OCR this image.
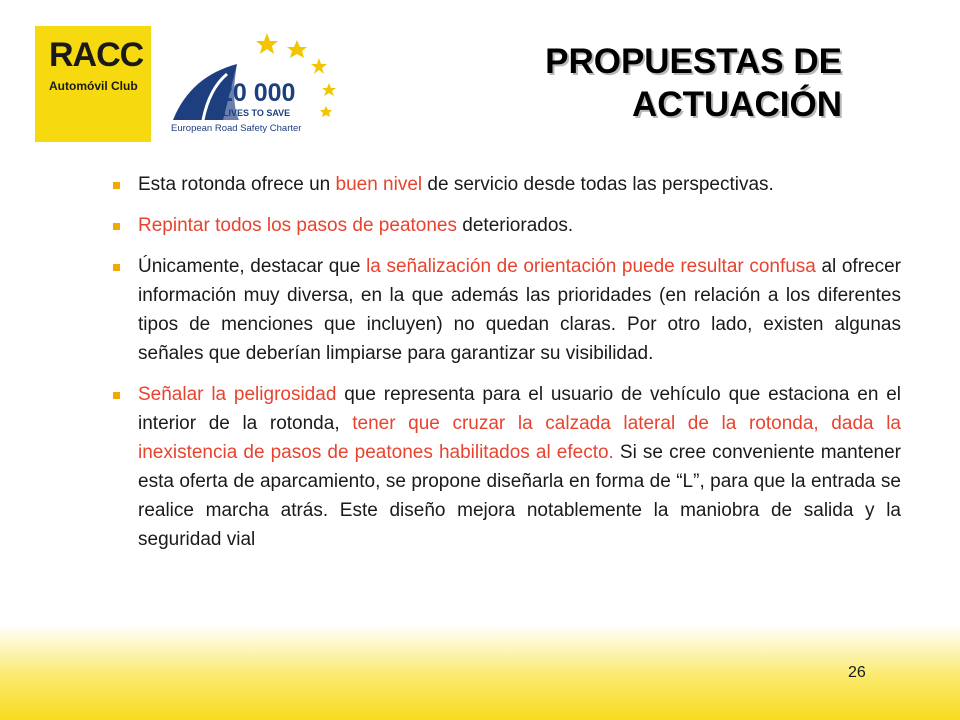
RACC
Automóvil Club	20 000
LIVES TO SAVE
European Road Safety Charter
PROPUESTAS DE
ACTUACIÓN
Esta rotonda ofrece un buen nivel de servicio desde todas las perspectivas.
Repintar todos los pasos de peatones deteriorados.
Únicamente, destacar que la señalización de orientación puede resultar confusa al ofrecer información muy diversa, en la que además las prioridades (en relación a los diferentes tipos de menciones que incluyen) no quedan claras. Por otro lado, existen algunas señales que deberían limpiarse para garantizar su visibilidad.
Señalar la peligrosidad que representa para el usuario de vehículo que estaciona en el interior de la rotonda, tener que cruzar la calzada lateral de la rotonda, dada la inexistencia de pasos de peatones habilitados al efecto. Si se cree conveniente mantener esta oferta de aparcamiento, se propone diseñarla en forma de “L”, para que la entrada se realice marcha atrás. Este diseño mejora notablemente la maniobra de salida y la seguridad vial
26
